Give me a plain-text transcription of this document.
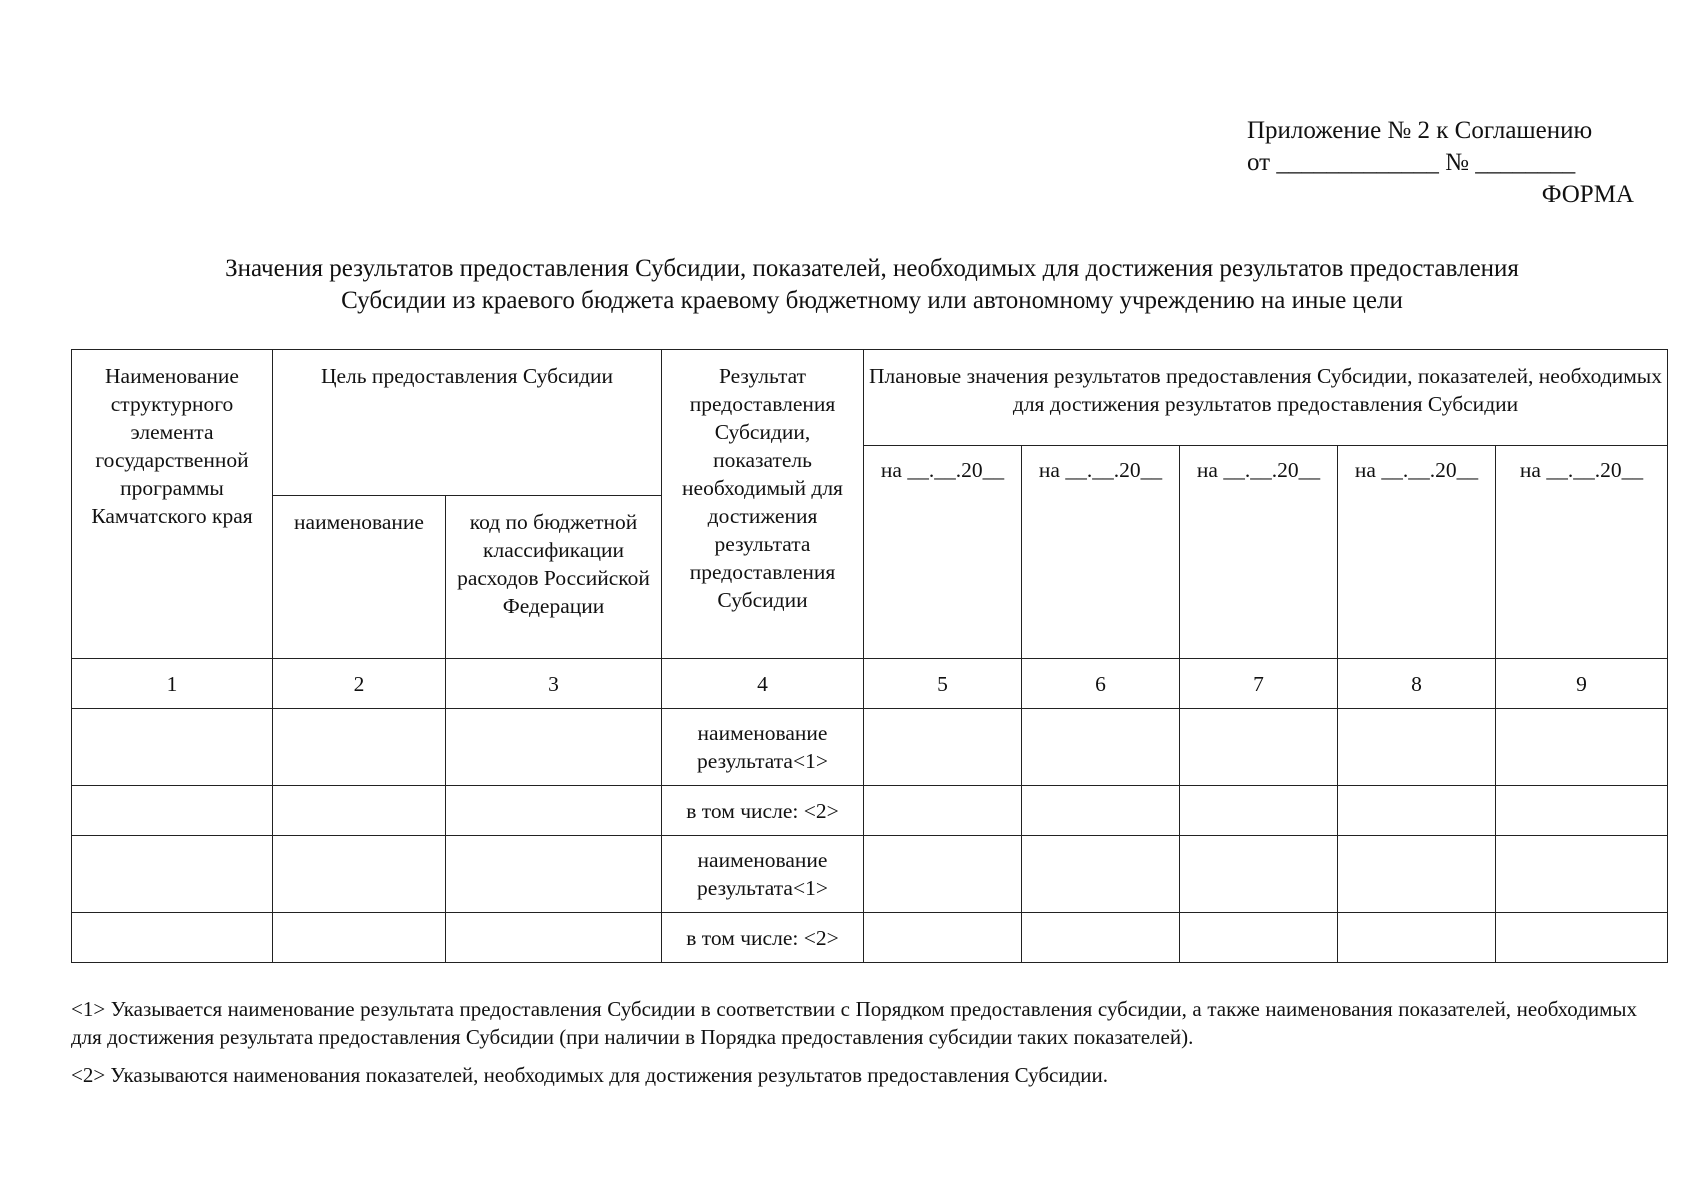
Приложение № 2 к Соглашению
от _____________ № ________
ФОРМА
Значения результатов предоставления Субсидии, показателей, необходимых для достижения результатов предоставления
Субсидии из краевого бюджета краевому бюджетному или автономному учреждению на иные цели
Наименование структурного элемента государственной программы Камчатского края	Цель предоставления Субсидии		Результат предоставления Субсидии, показатель необходимый для достижения результата предоставления Субсидии	Плановые значения результатов предоставления Субсидии, показателей, необходимых для достижения результатов предоставления Субсидии				
				на __.__.20__	на __.__.20__	на __.__.20__	на __.__.20__	на __.__.20__
	наименование	код по бюджетной классификации расходов Российской Федерации						
1	2	3	4	5	6	7	8	9
			наименование результата<1>					
			в том числе: <2>					
			наименование результата<1>					
			в том числе: <2>					

<1> Указывается наименование результата предоставления Субсидии в соответствии с Порядком предоставления субсидии, а также наименования показателей, необходимых для достижения результата предоставления Субсидии (при наличии в Порядка предоставления субсидии таких показателей).

<2> Указываются наименования показателей, необходимых для достижения результатов предоставления Субсидии.
